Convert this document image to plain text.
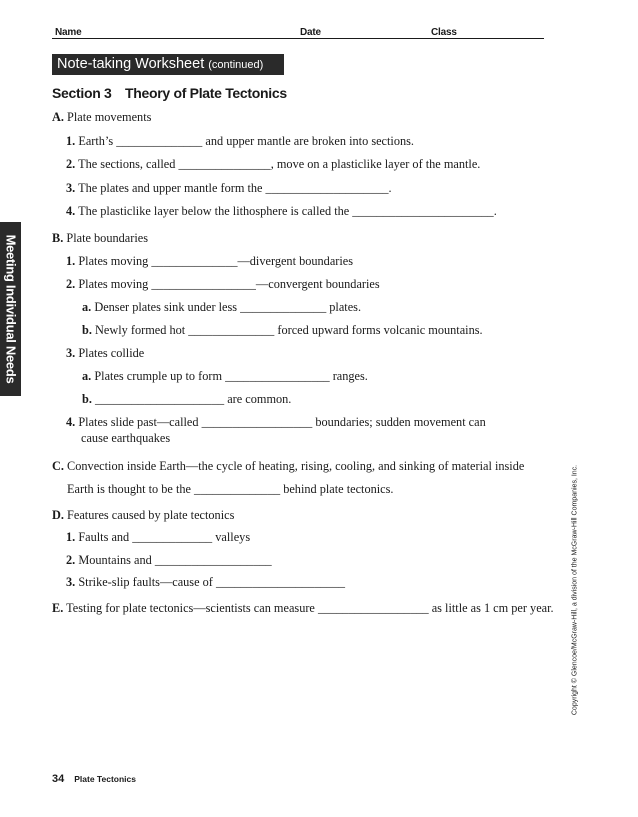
Name	Date	Class
Note-taking Worksheet (continued)
Section 3 Theory of Plate Tectonics
Meeting Individual Needs
A. Plate movements
1. Earth’s ______________ and upper mantle are broken into sections.
2. The sections, called _______________, move on a plasticlike layer of the mantle.
3. The plates and upper mantle form the ____________________.
4. The plasticlike layer below the lithosphere is called the _______________________.
B. Plate boundaries
1. Plates moving ______________—divergent boundaries
2. Plates moving _________________—convergent boundaries
a. Denser plates sink under less ______________ plates.
b. Newly formed hot ______________ forced upward forms volcanic mountains.
3. Plates collide
a. Plates crumple up to form _________________ ranges.
b. _____________________ are common.
4. Plates slide past—called __________________ boundaries; sudden movement can
cause earthquakes
C. Convection inside Earth—the cycle of heating, rising, cooling, and sinking of material inside
Earth is thought to be the ______________ behind plate tectonics.
D. Features caused by plate tectonics
1. Faults and _____________ valleys
2. Mountains and ___________________
3. Strike-slip faults—cause of _____________________
E. Testing for plate tectonics—scientists can measure __________________ as little as 1 cm per year.	Copyright © Glencoe/McGraw-Hill, a division of the McGraw-Hill Companies, Inc.
34 Plate Tectonics
